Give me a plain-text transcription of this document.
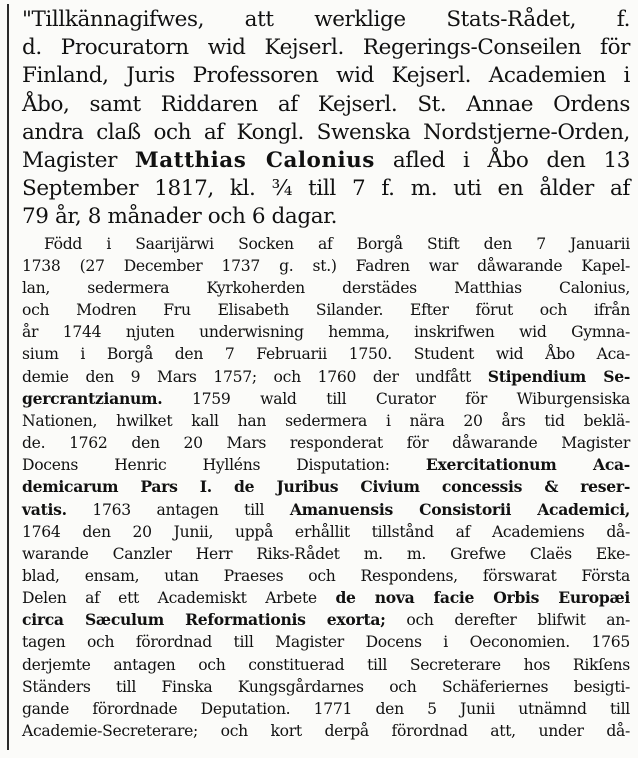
"Tillkännagifwes, att werklige Stats-Rådet, f.
d. Procuratorn wid Kejserl. Regerings-Conseilen för
Finland, Juris Professoren wid Kejserl. Academien i
Åbo, samt Riddaren af Kejserl. St. Annae Ordens
andra claß och af Kongl. Swenska Nordstjerne-Orden,
Magister Matthias Calonius afled i Åbo den 13
September 1817, kl. ¾ till 7 f. m. uti en ålder af
79 år, 8 månader och 6 dagar.

Född i Saarijärwi Socken af Borgå Stift den 7 Januarii
1738 (27 December 1737 g. st.) Fadren war dåwarande Kapel-
lan, sedermera Kyrkoherden derstädes Matthias Calonius,
och Modren Fru Elisabeth Silander. Efter förut och ifrån
år 1744 njuten underwisning hemma, inskrifwen wid Gymna-
sium i Borgå den 7 Februarii 1750. Student wid Åbo Aca-
demie den 9 Mars 1757; och 1760 der undfått Stipendium Se-
gercrantzianum. 1759 wald till Curator för Wiburgensiska
Nationen, hwilket kall han sedermera i nära 20 års tid beklä-
de. 1762 den 20 Mars responderat för dåwarande Magister
Docens Henric Hylléns Disputation: Exercitationum Aca-
demicarum Pars I. de Juribus Civium concessis & reser-
vatis. 1763 antagen till Amanuensis Consistorii Academici,
1764 den 20 Junii, uppå erhållit tillstånd af Academiens då-
warande Canzler Herr Riks-Rådet m. m. Grefwe Claës Eke-
blad, ensam, utan Praeses och Respondens, förswarat Första
Delen af ett Academiskt Arbete de nova facie Orbis Europæi
circa Sæculum Reformationis exorta; och derefter blifwit an-
tagen och förordnad till Magister Docens i Oeconomien. 1765
derjemte antagen och constituerad till Secreterare hos Rikſens
Ständers till Finska Kungsgårdarnes och Schäferiernes besigti-
gande förordnade Deputation. 1771 den 5 Junii utnämnd till
Academie-Secreterare; och kort derpå förordnad att, under då-
